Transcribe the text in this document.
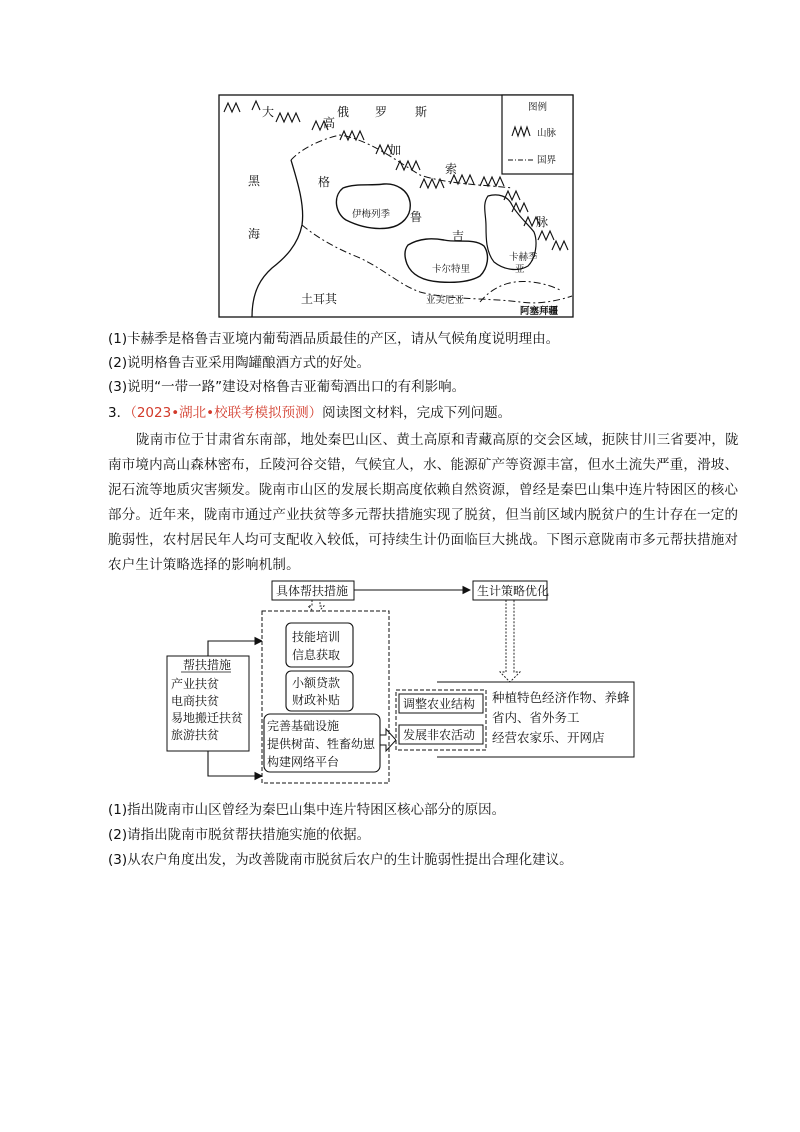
大
高
加
索
脉
俄 罗 斯
格
鲁
吉
黑
海
土耳其
伊梅列季
卡尔特里
卡赫季
亚
亚美尼亚
阿塞拜疆
图例
山脉
国界
(1)卡赫季是格鲁吉亚境内葡萄酒品质最佳的产区，请从气候角度说明理由。
(2)说明格鲁吉亚采用陶罐酿酒方式的好处。
(3)说明“一带一路”建设对格鲁吉亚葡萄酒出口的有利影响。
3．（2023•湖北•校联考模拟预测）阅读图文材料，完成下列问题。
陇南市位于甘肃省东南部，地处秦巴山区、黄土高原和青藏高原的交会区域，扼陕甘川三省要冲，陇
南市境内高山森林密布，丘陵河谷交错，气候宜人，水、能源矿产等资源丰富，但水土流失严重，滑坡、
泥石流等地质灾害频发。陇南市山区的发展长期高度依赖自然资源，曾经是秦巴山集中连片特困区的核心
部分。近年来，陇南市通过产业扶贫等多元帮扶措施实现了脱贫，但当前区域内脱贫户的生计存在一定的
脆弱性，农村居民年人均可支配收入较低，可持续生计仍面临巨大挑战。下图示意陇南市多元帮扶措施对
农户生计策略选择的影响机制。
具体帮扶措施	生计策略优化
帮扶措施
产业扶贫
电商扶贫
易地搬迁扶贫
旅游扶贫
技能培训
信息获取
小额贷款
财政补贴
完善基础设施
提供树苗、牲畜幼崽
构建网络平台
调整农业结构
发展非农活动
种植特色经济作物、养蜂
省内、省外务工
经营农家乐、开网店
(1)指出陇南市山区曾经为秦巴山集中连片特困区核心部分的原因。
(2)请指出陇南市脱贫帮扶措施实施的依据。
(3)从农户角度出发，为改善陇南市脱贫后农户的生计脆弱性提出合理化建议。
